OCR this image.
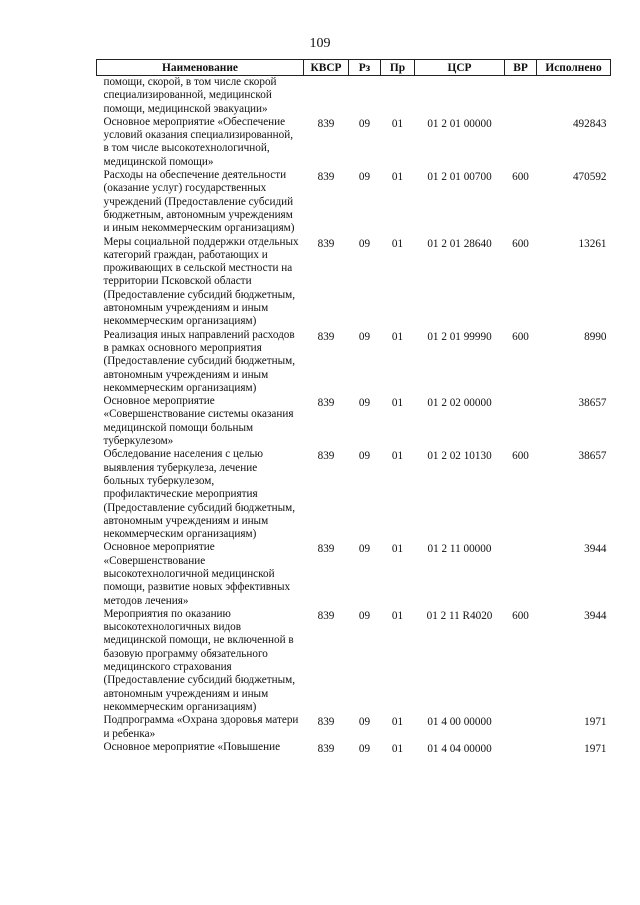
109
Наименование	КВСР	Рз	Пр	ЦСР	ВР	Исполнено
помощи, скорой, в том числе скорой специализированной, медицинской помощи, медицинской эвакуации»						
Основное мероприятие «Обеспечение условий оказания специализированной, в том числе высокотехнологичной, медицинской помощи»	839	09	01	01 2 01 00000		492843
Расходы на обеспечение деятельности (оказание услуг) государственных учреждений (Предоставление субсидий бюджетным, автономным учреждениям и иным некоммерческим организациям)	839	09	01	01 2 01 00700	600	470592
Меры социальной поддержки отдельных категорий граждан, работающих и проживающих в сельской местности на территории Псковской области (Предоставление субсидий бюджетным, автономным учреждениям и иным некоммерческим организациям)	839	09	01	01 2 01 28640	600	13261
Реализация иных направлений расходов в рамках основного мероприятия (Предоставление субсидий бюджетным, автономным учреждениям и иным некоммерческим организациям)	839	09	01	01 2 01 99990	600	8990
Основное мероприятие «Совершенствование системы оказания медицинской помощи больным туберкулезом»	839	09	01	01 2 02 00000		38657
Обследование населения с целью выявления туберкулеза, лечение больных туберкулезом, профилактические мероприятия (Предоставление субсидий бюджетным, автономным учреждениям и иным некоммерческим организациям)	839	09	01	01 2 02 10130	600	38657
Основное мероприятие «Совершенствование высокотехнологичной медицинской помощи, развитие новых эффективных методов лечения»	839	09	01	01 2 11 00000		3944
Мероприятия по оказанию высокотехнологичных видов медицинской помощи, не включенной в базовую программу обязательного медицинского страхования (Предоставление субсидий бюджетным, автономным учреждениям и иным некоммерческим организациям)	839	09	01	01 2 11 R4020	600	3944
Подпрограмма «Охрана здоровья матери и ребенка»	839	09	01	01 4 00 00000		1971
Основное мероприятие «Повышение	839	09	01	01 4 04 00000		1971
